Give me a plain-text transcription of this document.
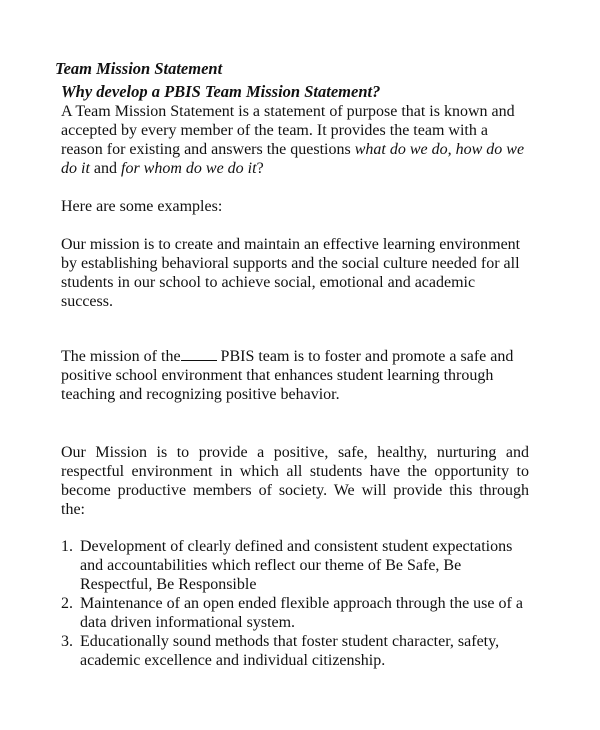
Team Mission Statement
Why develop a PBIS Team Mission Statement?
A Team Mission Statement is a statement of purpose that is known and accepted by every member of the team. It provides the team with a reason for existing and answers the questions what do we do, how do we do it and for whom do we do it?
Here are some examples:
Our mission is to create and maintain an effective learning environment by establishing behavioral supports and the social culture needed for all students in our school to achieve social, emotional and academic success.
The mission of the PBIS team is to foster and promote a safe and positive school environment that enhances student learning through teaching and recognizing positive behavior.
Our Mission is to provide a positive, safe, healthy, nurturing and respectful environment in which all students have the opportunity to become productive members of society. We will provide this through the:
1. Development of clearly defined and consistent student expectations and accountabilities which reflect our theme of Be Safe, Be Respectful, Be Responsible
2. Maintenance of an open ended flexible approach through the use of a data driven informational system.
3. Educationally sound methods that foster student character, safety, academic excellence and individual citizenship.
